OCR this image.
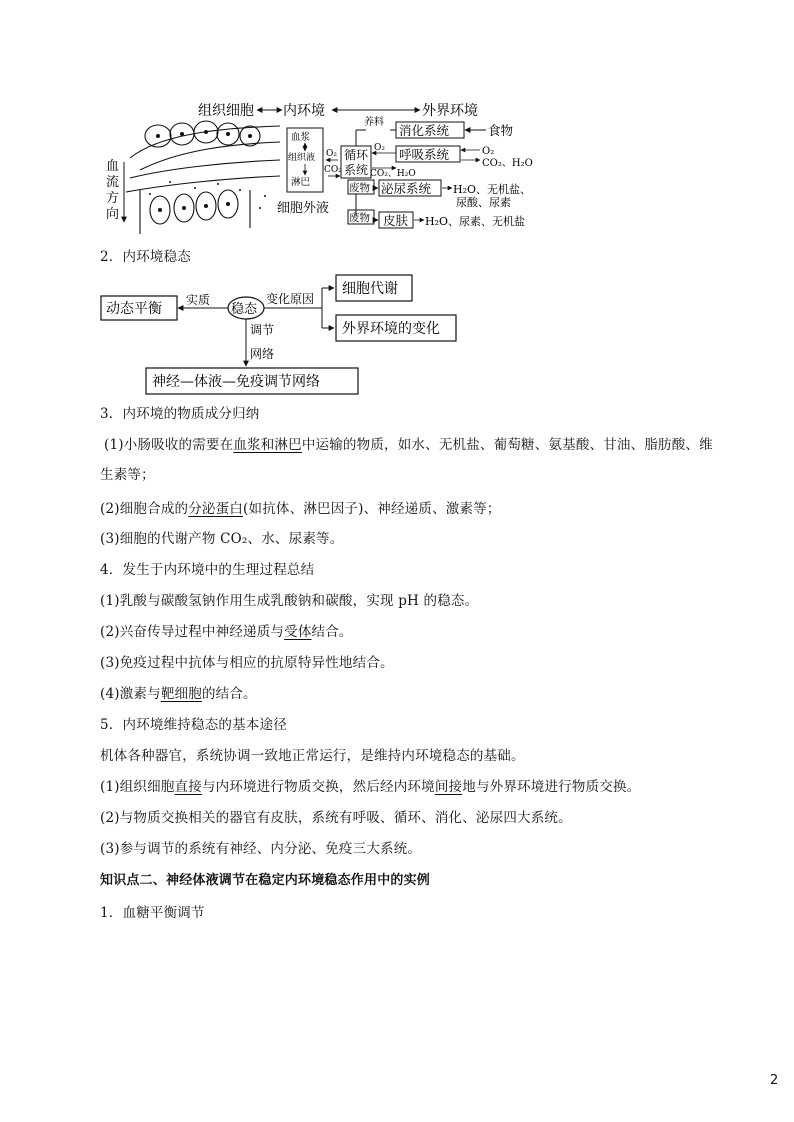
组织细胞 内环境	外界环境
血
流
方
向
血浆
组织液
淋巴
细胞外液
O₂
CO₂
循环
系统
养料
消化系统	食物
O₂ 呼吸系统	O₂
CO₂、H₂O
CO₂、H₂O
废物 泌尿系统 H₂O、无机盐、
尿酸、尿素
废物 皮肤 H₂O、尿素、无机盐
2．内环境稳态
动态平衡
实质
稳态
变化原因
细胞代谢
外界环境的变化
调节
网络
神经—体液—免疫调节网络
3．内环境的物质成分归纳
(1)小肠吸收的需要在血浆和淋巴中运输的物质，如水、无机盐、葡萄糖、氨基酸、甘油、脂肪酸、维
生素等；
(2)细胞合成的分泌蛋白(如抗体、淋巴因子)、神经递质、激素等；
(3)细胞的代谢产物 CO₂、水、尿素等。
4．发生于内环境中的生理过程总结
(1)乳酸与碳酸氢钠作用生成乳酸钠和碳酸，实现 pH 的稳态。
(2)兴奋传导过程中神经递质与受体结合。
(3)免疫过程中抗体与相应的抗原特异性地结合。
(4)激素与靶细胞的结合。
5．内环境维持稳态的基本途径
机体各种器官，系统协调一致地正常运行，是维持内环境稳态的基础。
(1)组织细胞直接与内环境进行物质交换，然后经内环境间接地与外界环境进行物质交换。
(2)与物质交换相关的器官有皮肤，系统有呼吸、循环、消化、泌尿四大系统。
(3)参与调节的系统有神经、内分泌、免疫三大系统。
知识点二、神经体液调节在稳定内环境稳态作用中的实例
1．血糖平衡调节
2
